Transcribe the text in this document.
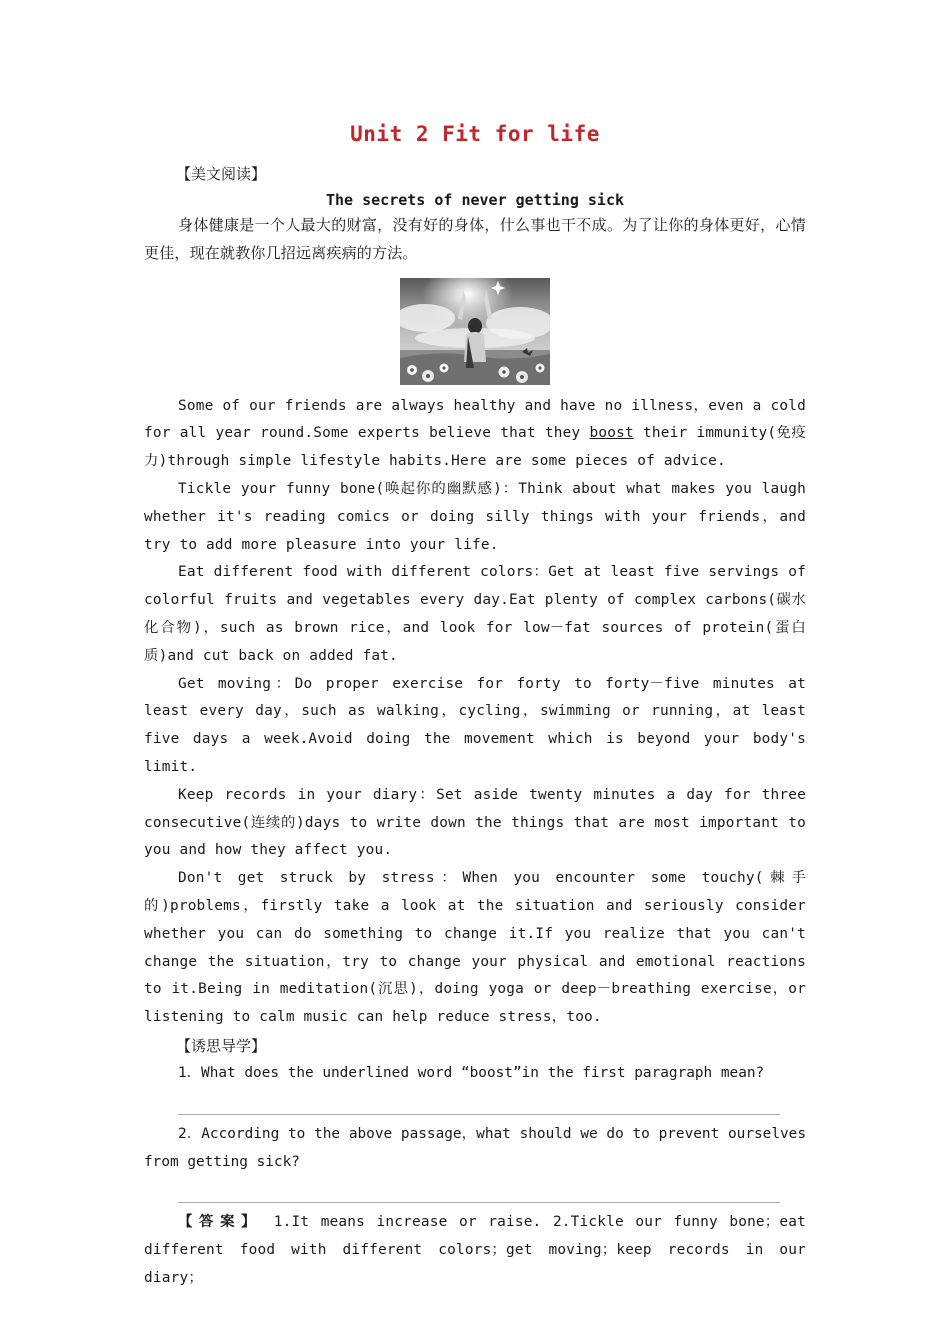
Unit 2 Fit for life
【美文阅读】
The secrets of never getting sick

身体健康是一个人最大的财富，没有好的身体，什么事也干不成。为了让你的身体更好，心情更佳，现在就教你几招远离疾病的方法。

Some of our friends are always healthy and have no illness，even a cold for all year round.Some experts believe that they boost their immunity(免疫力)through simple lifestyle habits.Here are some pieces of advice.

Tickle your funny bone(唤起你的幽默感)：Think about what makes you laugh whether it's reading comics or doing silly things with your friends，and try to add more pleasure into your life.

Eat different food with different colors：Get at least five servings of colorful fruits and vegetables every day.Eat plenty of complex carbons(碳水化合物)，such as brown rice，and look for low－fat sources of protein(蛋白质)and cut back on added fat.

Get moving：Do proper exercise for forty to forty－five minutes at least every day，such as walking，cycling，swimming or running，at least five days a week.Avoid doing the movement which is beyond your body's limit.

Keep records in your diary：Set aside twenty minutes a day for three consecutive(连续的)days to write down the things that are most important to you and how they affect you.

Don't get struck by stress：When you encounter some touchy(棘手的)problems，firstly take a look at the situation and seriously consider whether you can do something to change it.If you realize that you can't change the situation，try to change your physical and emotional reactions to it.Being in meditation(沉思)，doing yoga or deep－breathing exercise，or listening to calm music can help reduce stress，too.

【诱思导学】
1．What does the underlined word “boost”in the first paragraph mean?
2．According to the above passage，what should we do to prevent ourselves from getting sick?

【答案】 1.It means increase or raise. 2.Tickle our funny bone；eat different food with different colors；get moving；keep records in our diary；
